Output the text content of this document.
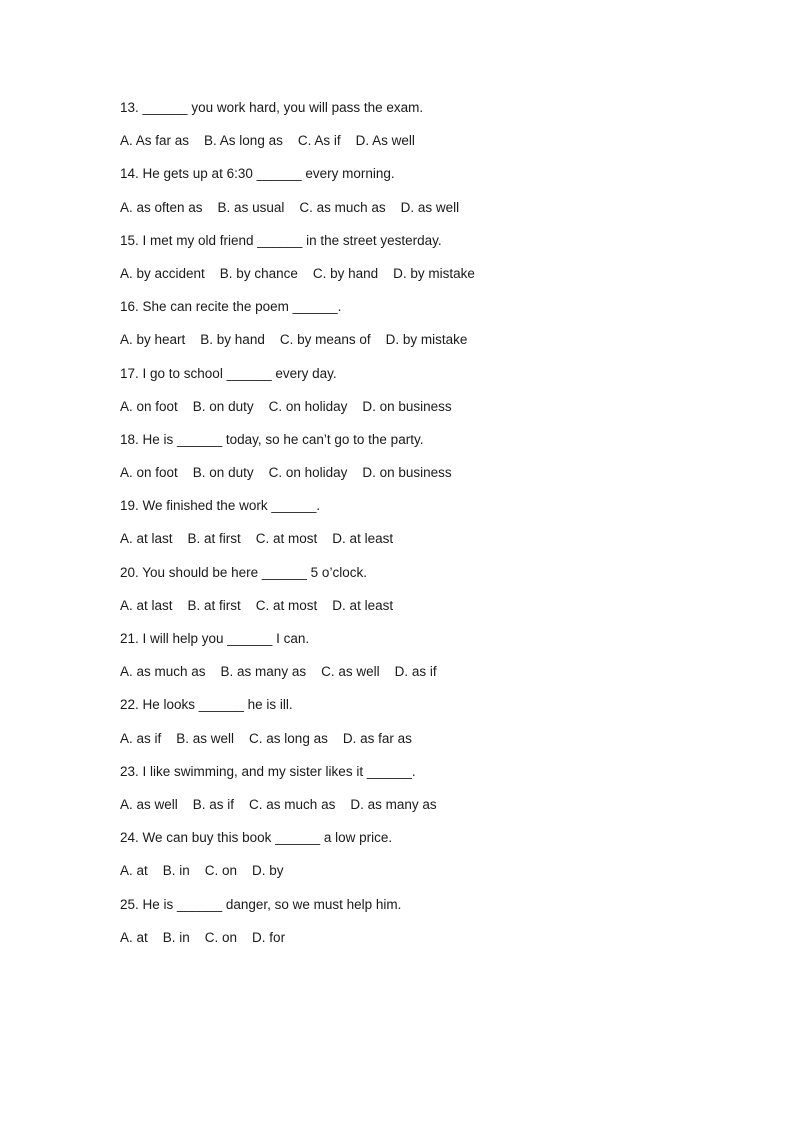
13. ______ you work hard, you will pass the exam.
A. As far as    B. As long as    C. As if    D. As well
14. He gets up at 6:30 ______ every morning.
A. as often as    B. as usual    C. as much as    D. as well
15. I met my old friend ______ in the street yesterday.
A. by accident    B. by chance    C. by hand    D. by mistake
16. She can recite the poem ______.
A. by heart    B. by hand    C. by means of    D. by mistake
17. I go to school ______ every day.
A. on foot    B. on duty    C. on holiday    D. on business
18. He is ______ today, so he can’t go to the party.
A. on foot    B. on duty    C. on holiday    D. on business
19. We finished the work ______.
A. at last    B. at first    C. at most    D. at least
20. You should be here ______ 5 o’clock.
A. at last    B. at first    C. at most    D. at least
21. I will help you ______ I can.
A. as much as    B. as many as    C. as well    D. as if
22. He looks ______ he is ill.
A. as if    B. as well    C. as long as    D. as far as
23. I like swimming, and my sister likes it ______.
A. as well    B. as if    C. as much as    D. as many as
24. We can buy this book ______ a low price.
A. at    B. in    C. on    D. by
25. He is ______ danger, so we must help him.
A. at    B. in    C. on    D. for
